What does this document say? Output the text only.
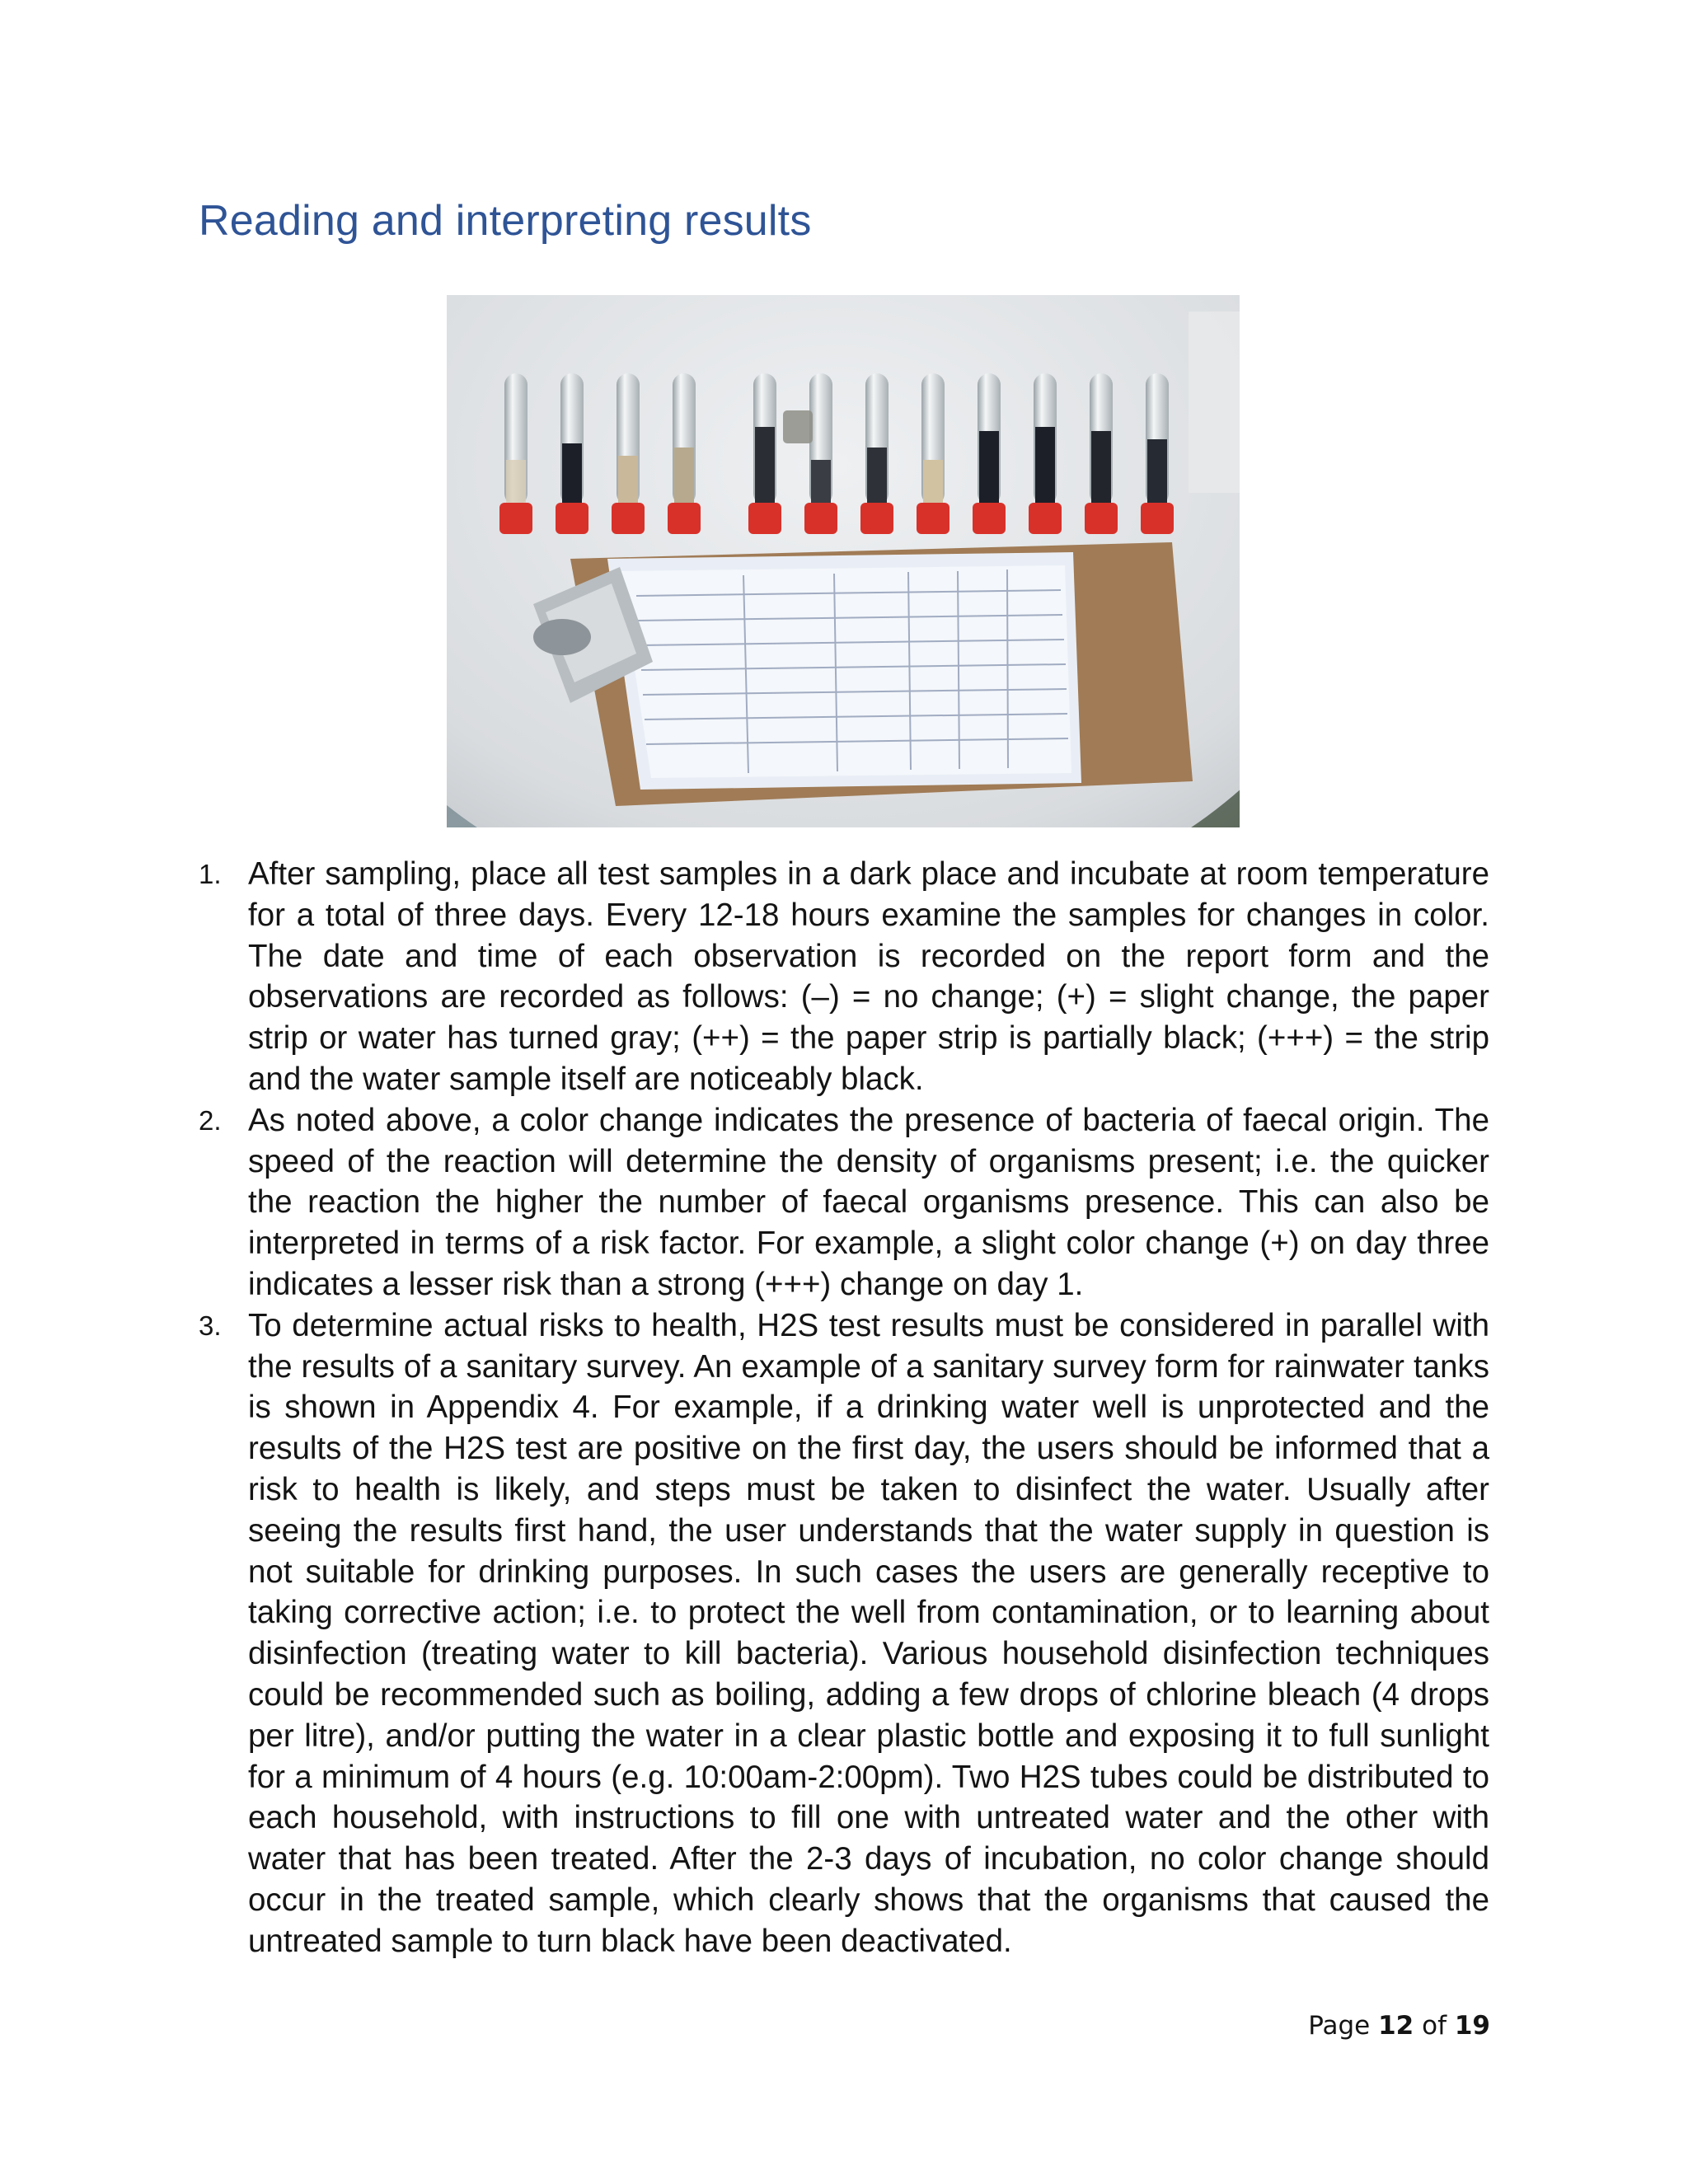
Reading and interpreting results
1. After sampling, place all test samples in a dark place and incubate at room temperature for a total of three days. Every 12-18 hours examine the samples for changes in color. The date and time of each observation is recorded on the report form and the observations are recorded as follows: (–) = no change; (+) = slight change, the paper strip or water has turned gray; (++) = the paper strip is partially black; (+++) = the strip and the water sample itself are noticeably black.
2. As noted above, a color change indicates the presence of bacteria of faecal origin. The speed of the reaction will determine the density of organisms present; i.e. the quicker the reaction the higher the number of faecal organisms presence. This can also be interpreted in terms of a risk factor. For example, a slight color change (+) on day three indicates a lesser risk than a strong (+++) change on day 1.
3. To determine actual risks to health, H2S test results must be considered in parallel with the results of a sanitary survey. An example of a sanitary survey form for rainwater tanks is shown in Appendix 4. For example, if a drinking water well is unprotected and the results of the H2S test are positive on the first day, the users should be informed that a risk to health is likely, and steps must be taken to disinfect the water. Usually after seeing the results first hand, the user understands that the water supply in question is not suitable for drinking purposes. In such cases the users are generally receptive to taking corrective action; i.e. to protect the well from contamination, or to learning about disinfection (treating water to kill bacteria). Various household disinfection techniques could be recommended such as boiling, adding a few drops of chlorine bleach (4 drops per litre), and/or putting the water in a clear plastic bottle and exposing it to full sunlight for a minimum of 4 hours (e.g. 10:00am-2:00pm). Two H2S tubes could be distributed to each household, with instructions to fill one with untreated water and the other with water that has been treated. After the 2-3 days of incubation, no color change should occur in the treated sample, which clearly shows that the organisms that caused the untreated sample to turn black have been deactivated.
Page 12 of 19
